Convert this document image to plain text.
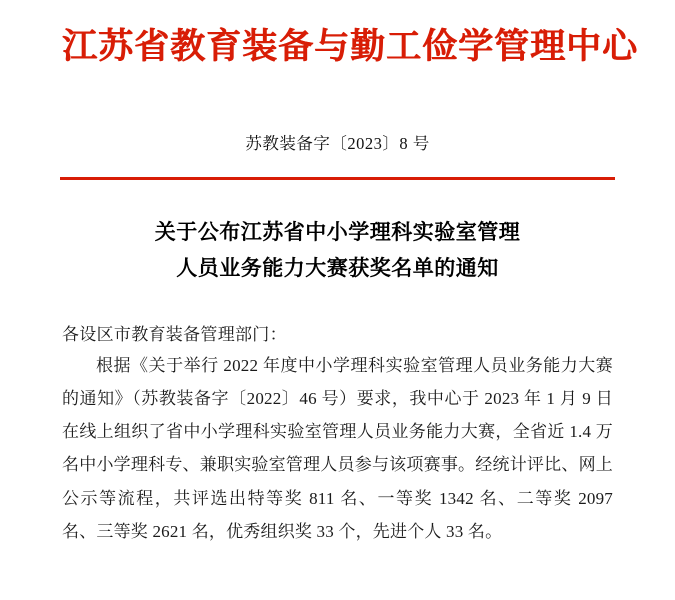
江苏省教育装备与勤工俭学管理中心
苏教装备字〔2023〕8 号
关于公布江苏省中小学理科实验室管理
人员业务能力大赛获奖名单的通知
各设区市教育装备管理部门：

根据《关于举行 2022 年度中小学理科实验室管理人员业务能力大赛的通知》（苏教装备字〔2022〕46 号）要求，我中心于 2023 年 1 月 9 日在线上组织了省中小学理科实验室管理人员业务能力大赛，全省近 1.4 万名中小学理科专、兼职实验室管理人员参与该项赛事。经统计评比、网上公示等流程，共评选出特等奖 811 名、一等奖 1342 名、二等奖 2097 名、三等奖 2621 名，优秀组织奖 33 个，先进个人 33 名。
